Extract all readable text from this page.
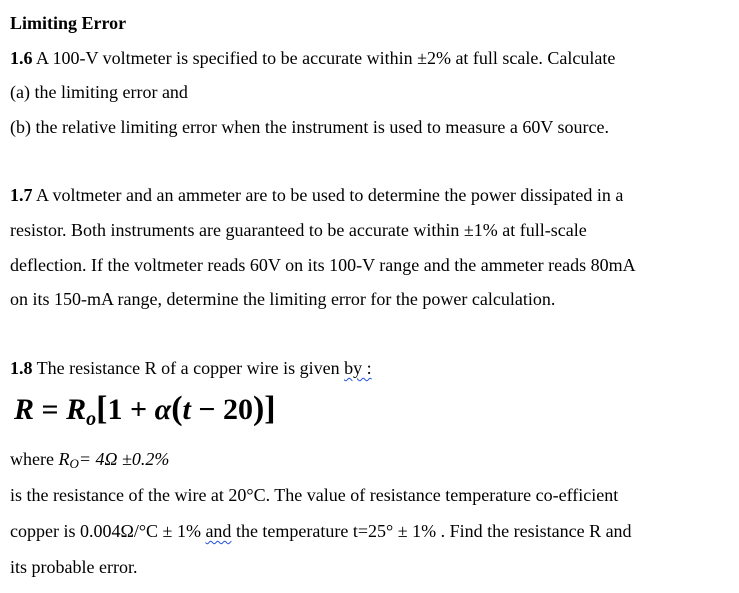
Limiting Error
1.6 A 100-V voltmeter is specified to be accurate within ±2% at full scale. Calculate
(a) the limiting error and
(b) the relative limiting error when the instrument is used to measure a 60V source.
1.7 A voltmeter and an ammeter are to be used to determine the power dissipated in a
resistor. Both instruments are guaranteed to be accurate within ±1% at full-scale
deflection. If the voltmeter reads 60V on its 100-V range and the ammeter reads 80mA
on its 150-mA range, determine the limiting error for the power calculation.
1.8 The resistance R of a copper wire is given by :
$R = R_o[1 + \alpha(t - 20)]$
where RO= 4Ω ±0.2%
is the resistance of the wire at 20°C. The value of resistance temperature co-efficient
copper is 0.004Ω/°C ± 1% and the temperature t=25° ± 1% . Find the resistance R and
its probable error.
